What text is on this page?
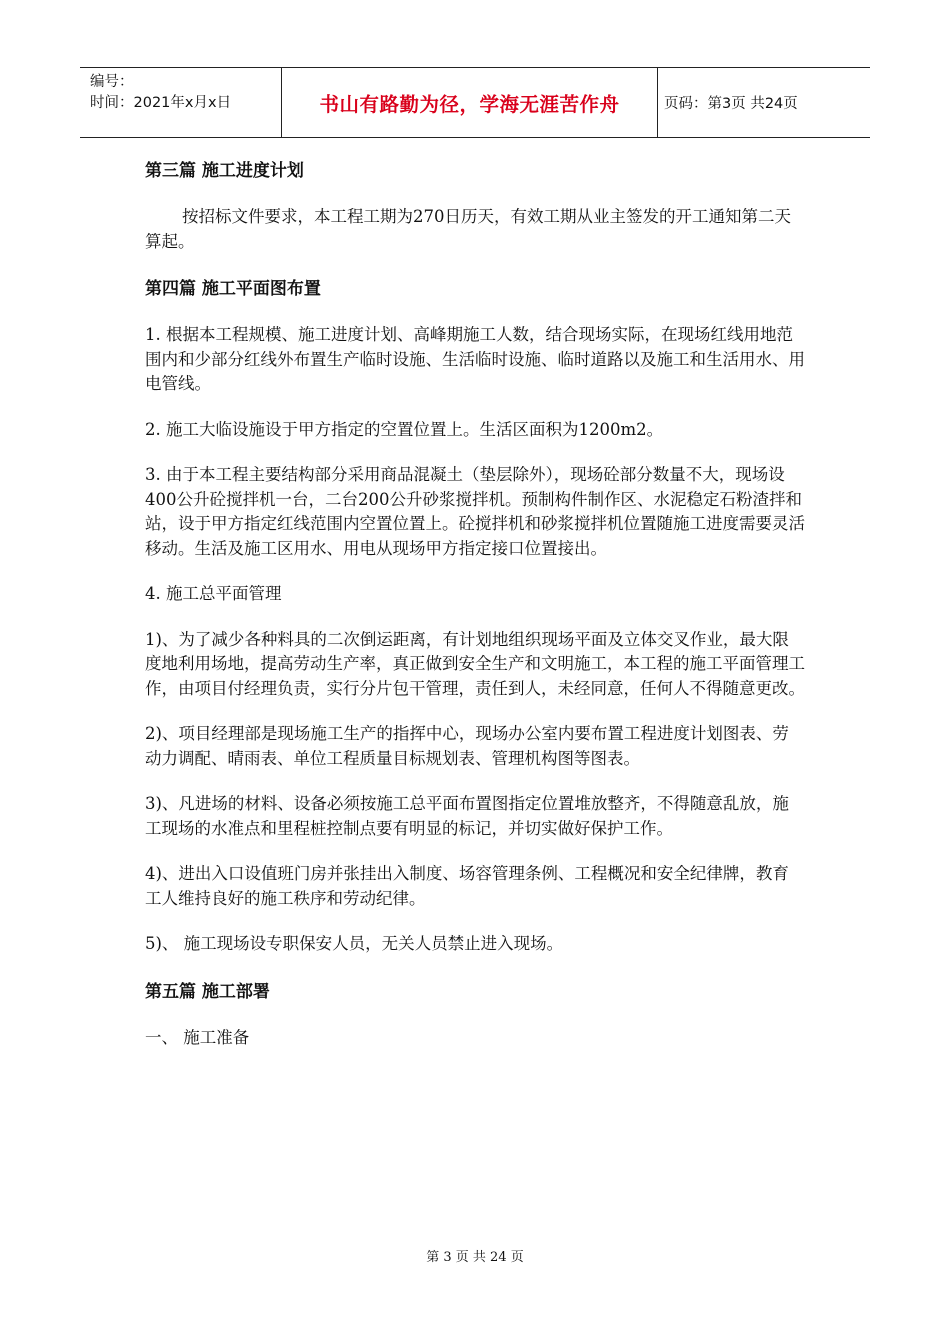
编号：
时间：2021年x月x日	书山有路勤为径，学海无涯苦作舟	页码：第3页 共24页
第三篇 施工进度计划

按招标文件要求，本工程工期为270日历天，有效工期从业主签发的开工通知第二天算起。

第四篇 施工平面图布置

1. 根据本工程规模、施工进度计划、高峰期施工人数，结合现场实际，在现场红线用地范围内和少部分红线外布置生产临时设施、生活临时设施、临时道路以及施工和生活用水、用电管线。

2. 施工大临设施设于甲方指定的空置位置上。生活区面积为1200m2。

3. 由于本工程主要结构部分采用商品混凝土（垫层除外），现场砼部分数量不大，现场设400公升砼搅拌机一台，二台200公升砂浆搅拌机。预制构件制作区、水泥稳定石粉渣拌和站，设于甲方指定红线范围内空置位置上。砼搅拌机和砂浆搅拌机位置随施工进度需要灵活移动。生活及施工区用水、用电从现场甲方指定接口位置接出。

4. 施工总平面管理

1)、为了减少各种料具的二次倒运距离，有计划地组织现场平面及立体交叉作业，最大限度地利用场地，提高劳动生产率，真正做到安全生产和文明施工，本工程的施工平面管理工作，由项目付经理负责，实行分片包干管理，责任到人，未经同意，任何人不得随意更改。

2)、项目经理部是现场施工生产的指挥中心，现场办公室内要布置工程进度计划图表、劳动力调配、晴雨表、单位工程质量目标规划表、管理机构图等图表。

3)、凡进场的材料、设备必须按施工总平面布置图指定位置堆放整齐，不得随意乱放，施工现场的水准点和里程桩控制点要有明显的标记，并切实做好保护工作。

4)、进出入口设值班门房并张挂出入制度、场容管理条例、工程概况和安全纪律牌，教育工人维持良好的施工秩序和劳动纪律。

5)、 施工现场设专职保安人员，无关人员禁止进入现场。

第五篇 施工部署

一、 施工准备

第 3 页 共 24 页
